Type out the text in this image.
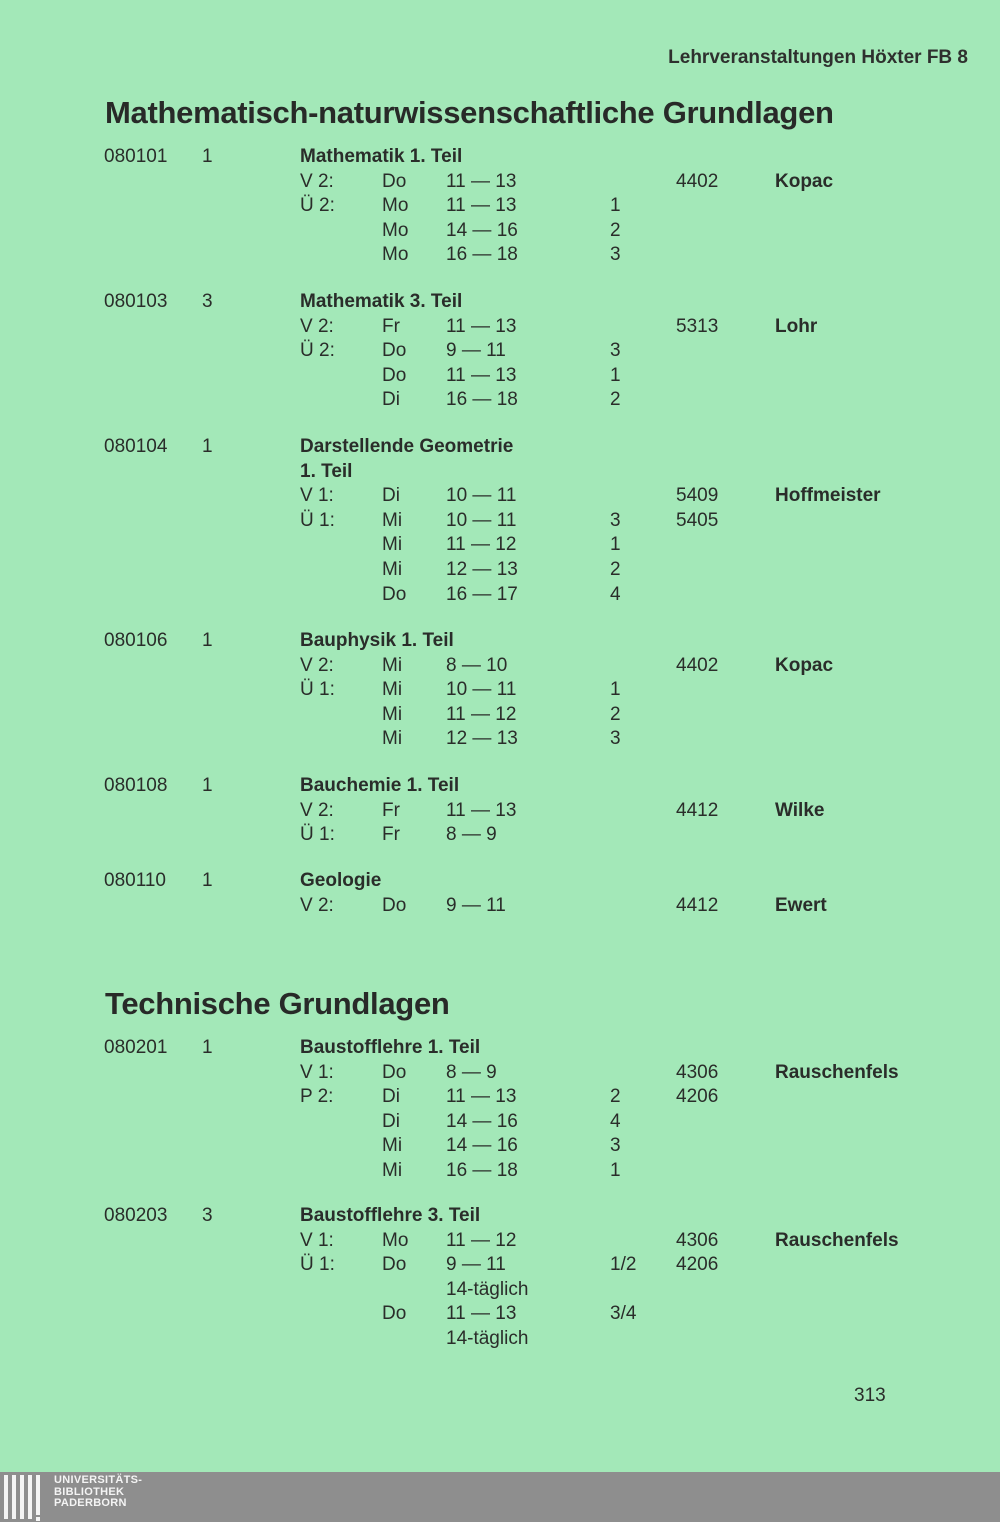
Lehrveranstaltungen Höxter FB 8
Mathematisch-naturwissenschaftliche Grundlagen
080101 1	Mathematik 1. Teil
V 2:	Do 11 — 13	4402	Kopac
Ü 2: Mo 11 — 13	1
Mo 14 — 16	2
Mo 16 — 18	3
080103 3	Mathematik 3. Teil
V 2:	Fr 11 — 13	5313	Lohr
Ü 2: Do 9 — 11	3
Do 11 — 13	1
Di 16 — 18	2
080104 1	Darstellende Geometrie
1. Teil
V 1:	Di 10 — 11	5409	Hoffmeister
Ü 1: Mi 10 — 11	3	5405
Mi 11 — 12	1
Mi 12 — 13	2
Do 16 — 17	4
080106 1	Bauphysik 1. Teil
V 2:	Mi 8 — 10	4402	Kopac
Ü 1: Mi 10 — 11	1
Mi 11 — 12	2
Mi 12 — 13	3
080108 1	Bauchemie 1. Teil
V 2:	Fr 11 — 13	4412	Wilke
Ü 1: Fr 8 — 9
080110 1	Geologie
V 2:	Do 9 — 11	4412	Ewert
Technische Grundlagen
080201 1	Baustofflehre 1. Teil
V 1:	Do 8 — 9	4306	Rauschenfels
P 2:	Di 11 — 13	2	4206
Di 14 — 16	4
Mi 14 — 16	3
Mi 16 — 18	1
080203 3	Baustofflehre 3. Teil
V 1:	Mo 11 — 12	4306	Rauschenfels
Ü 1: Do 9 — 11	1/2 4206
14-täglich
Do 11 — 13	3/4
14-täglich
313
UNIVERSITÄTS-
BIBLIOTHEK
PADERBORN
